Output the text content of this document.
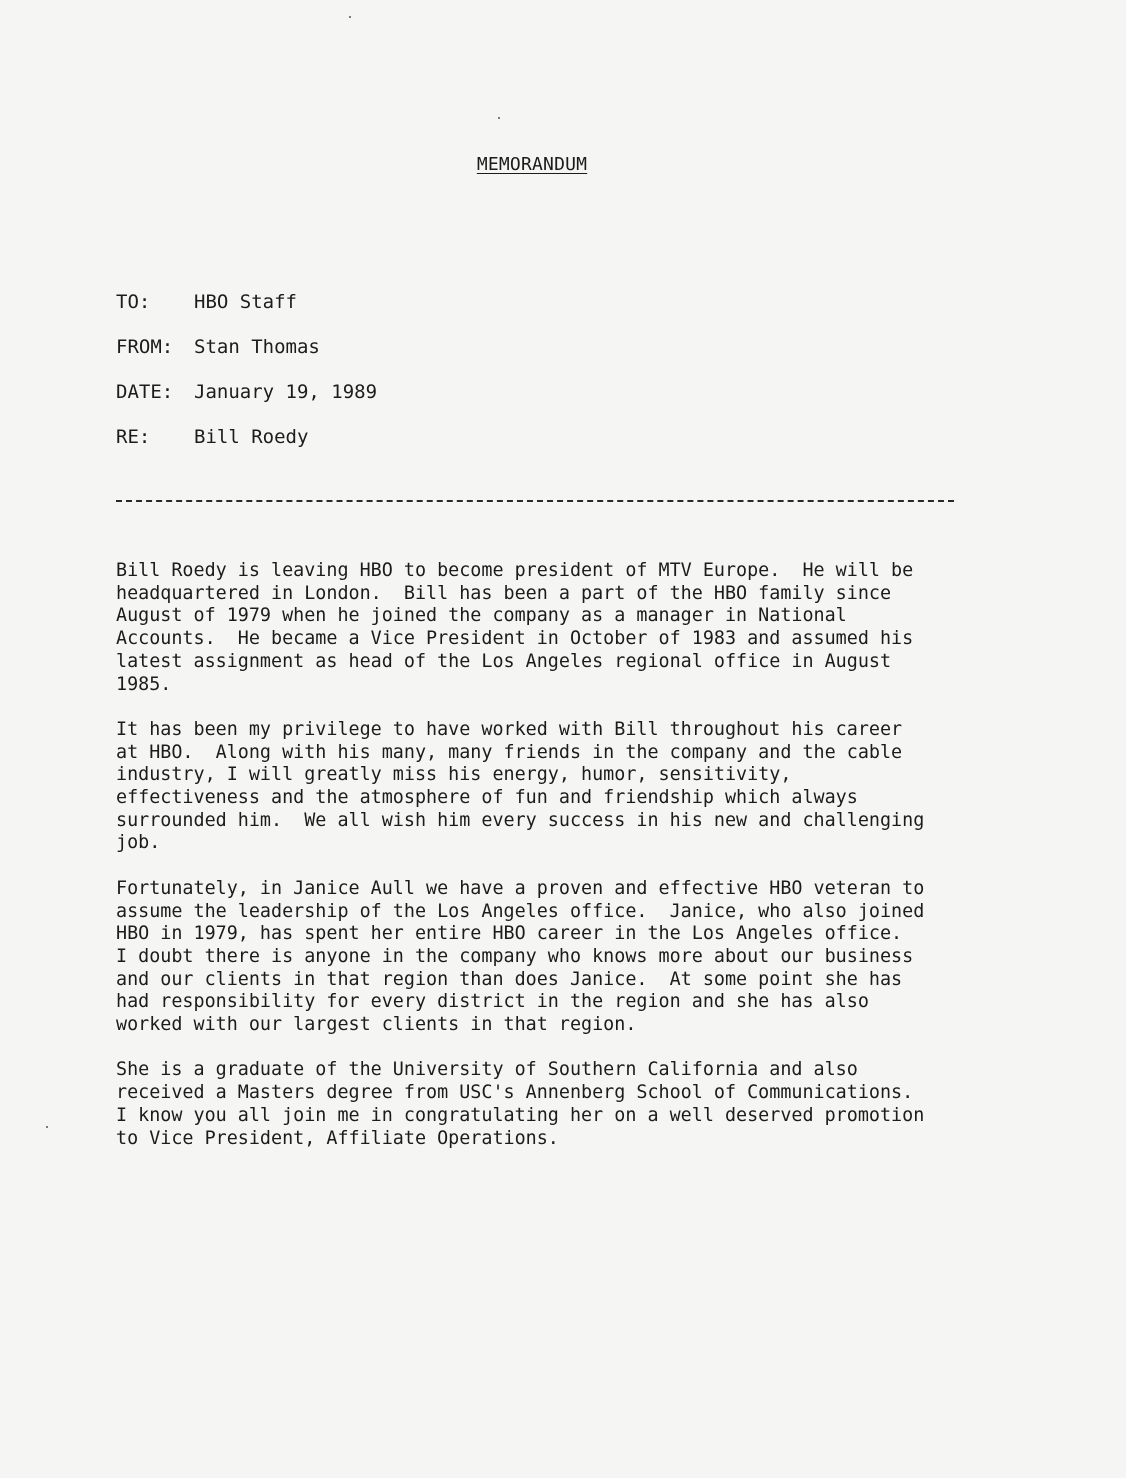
MEMORANDUM
TO:	HBO Staff
FROM:	Stan Thomas
DATE:	January 19, 1989
RE:	Bill Roedy

Bill Roedy is leaving HBO to become president of MTV Europe.  He will be
headquartered in London.  Bill has been a part of the HBO family since
August of 1979 when he joined the company as a manager in National
Accounts.  He became a Vice President in October of 1983 and assumed his
latest assignment as head of the Los Angeles regional office in August
1985.

It has been my privilege to have worked with Bill throughout his career
at HBO.  Along with his many, many friends in the company and the cable
industry, I will greatly miss his energy, humor, sensitivity,
effectiveness and the atmosphere of fun and friendship which always
surrounded him.  We all wish him every success in his new and challenging
job.

Fortunately, in Janice Aull we have a proven and effective HBO veteran to
assume the leadership of the Los Angeles office.  Janice, who also joined
HBO in 1979, has spent her entire HBO career in the Los Angeles office.
I doubt there is anyone in the company who knows more about our business
and our clients in that region than does Janice.  At some point she has
had responsibility for every district in the region and she has also
worked with our largest clients in that region.

She is a graduate of the University of Southern California and also
received a Masters degree from USC's Annenberg School of Communications.
I know you all join me in congratulating her on a well deserved promotion
to Vice President, Affiliate Operations.
